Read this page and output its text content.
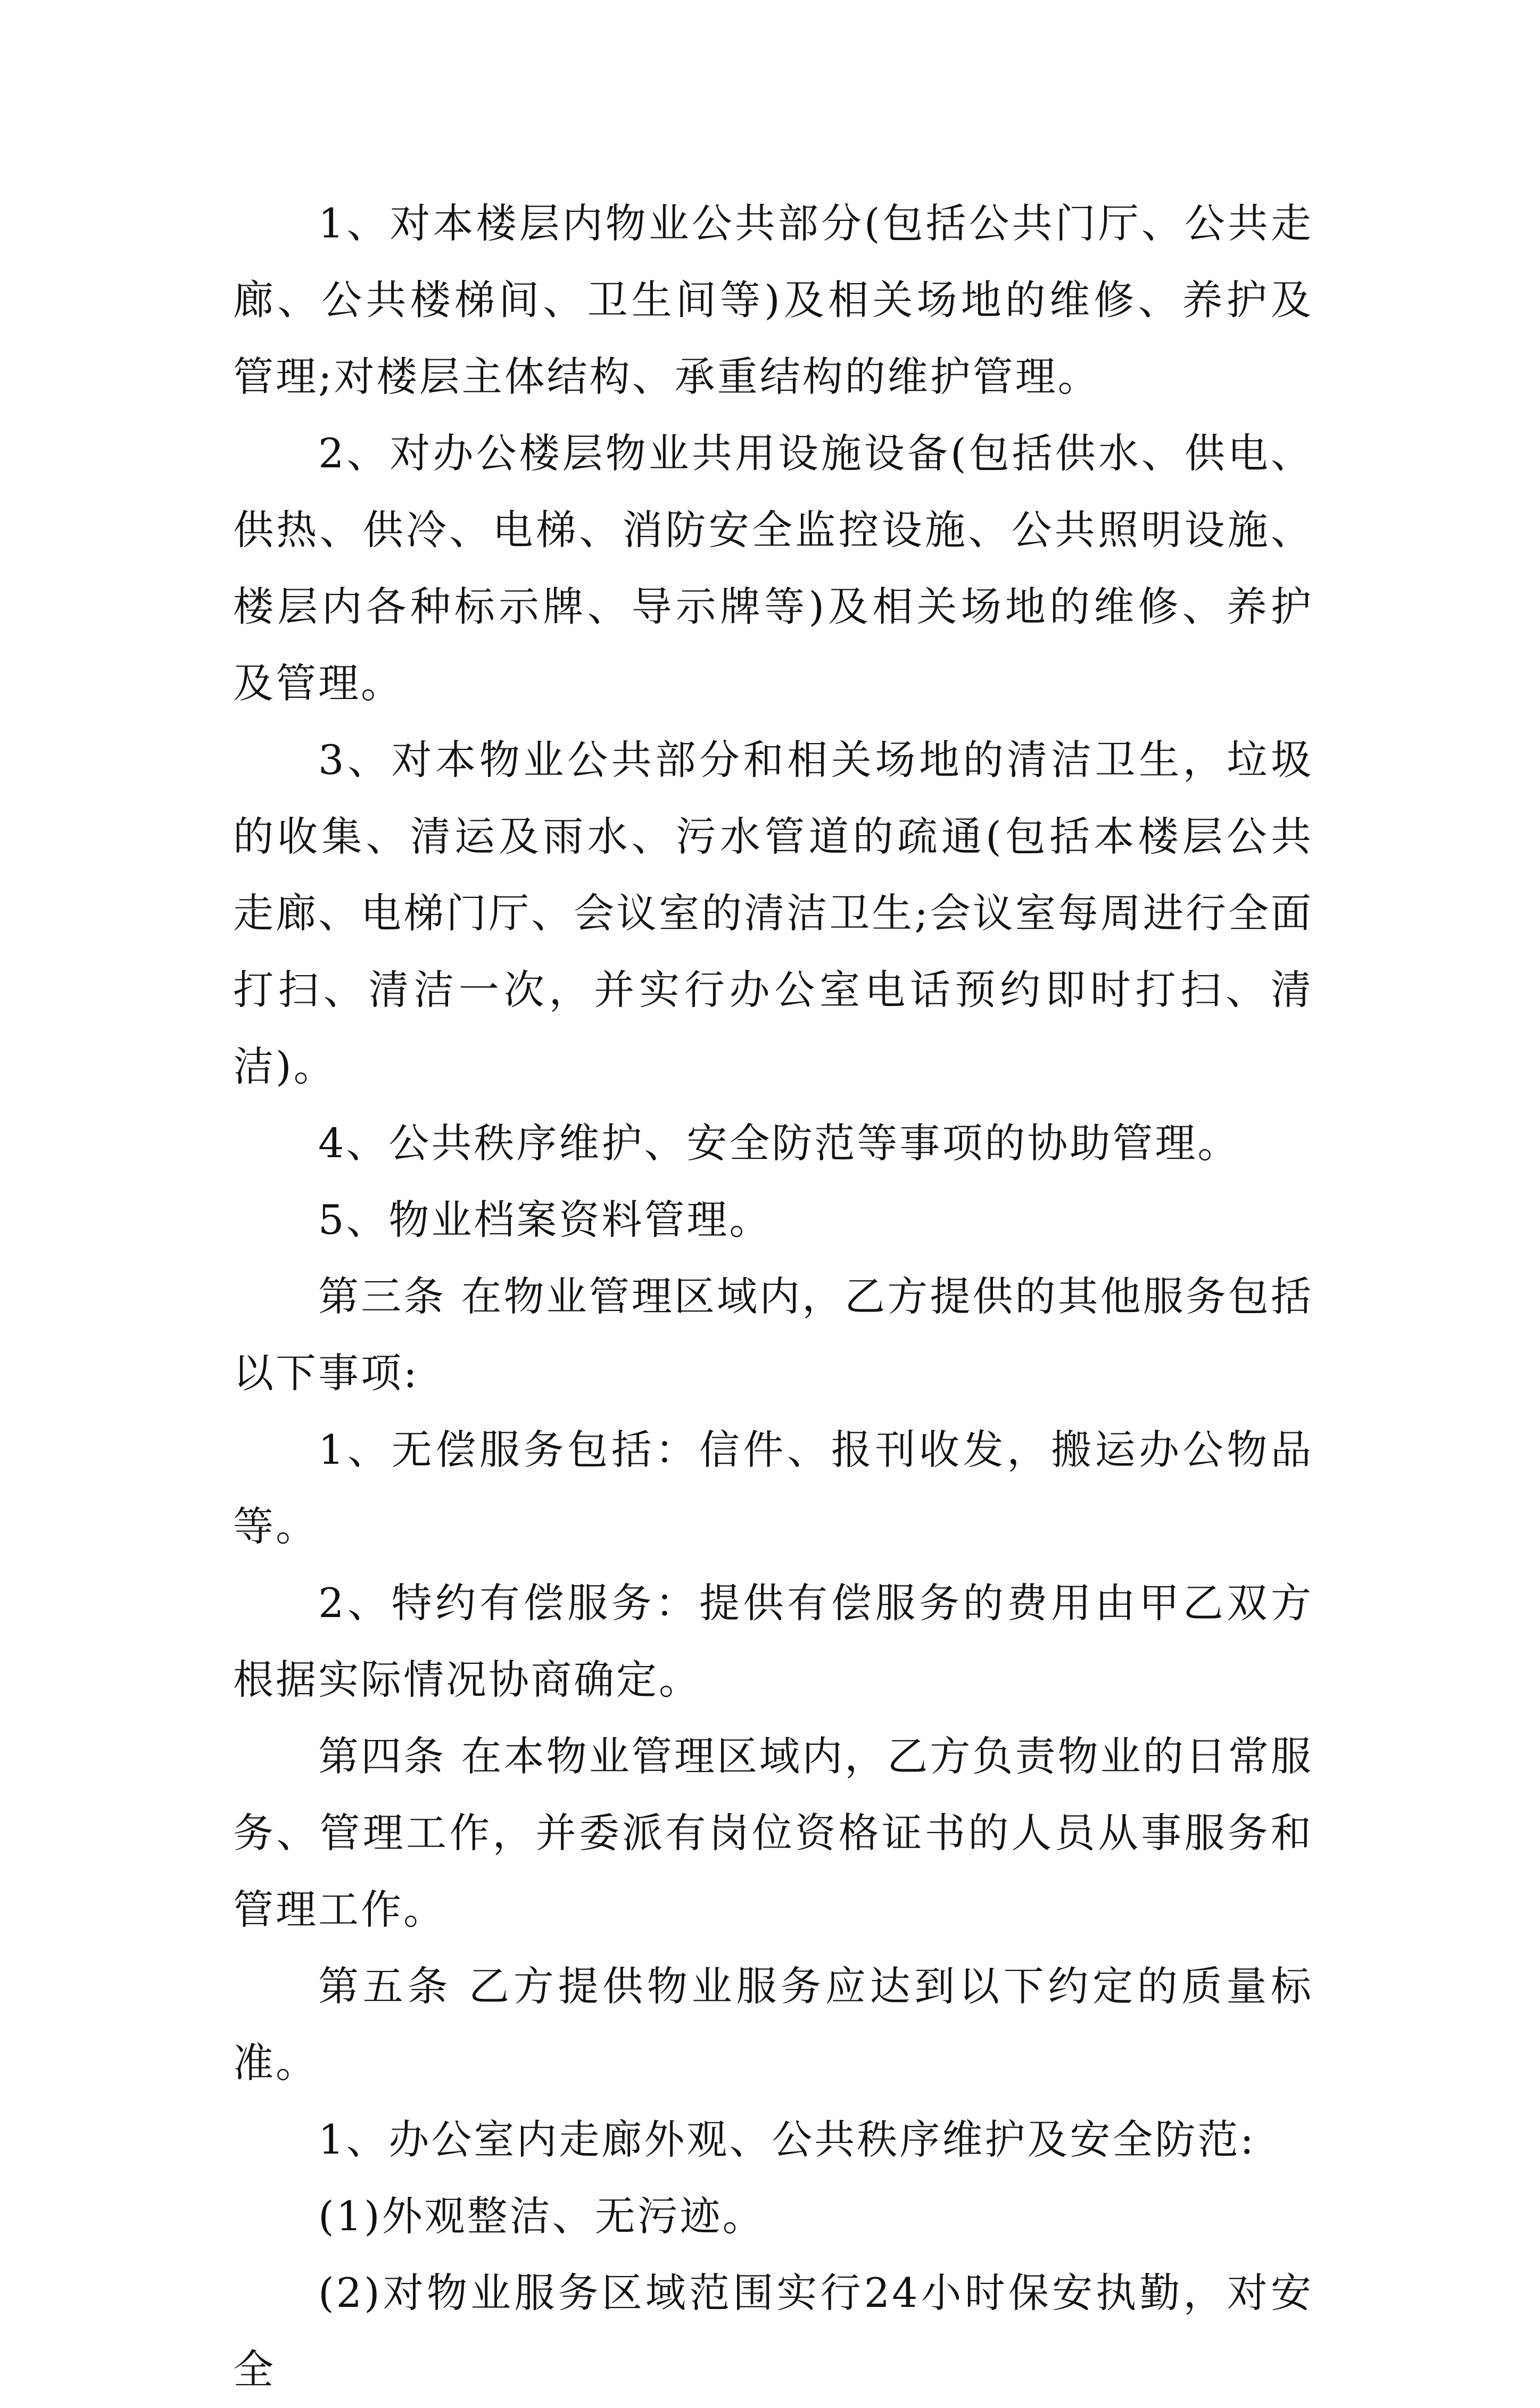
1、对本楼层内物业公共部分(包括公共门厅、公共走廊、公共楼梯间、卫生间等)及相关场地的维修、养护及管理;对楼层主体结构、承重结构的维护管理。

2、对办公楼层物业共用设施设备(包括供水、供电、供热、供冷、电梯、消防安全监控设施、公共照明设施、楼层内各种标示牌、导示牌等)及相关场地的维修、养护及管理。

3、对本物业公共部分和相关场地的清洁卫生，垃圾的收集、清运及雨水、污水管道的疏通(包括本楼层公共走廊、电梯门厅、会议室的清洁卫生;会议室每周进行全面打扫、清洁一次，并实行办公室电话预约即时打扫、清洁)。

4、公共秩序维护、安全防范等事项的协助管理。

5、物业档案资料管理。

第三条 在物业管理区域内，乙方提供的其他服务包括以下事项:

1、无偿服务包括：信件、报刊收发，搬运办公物品等。

2、特约有偿服务：提供有偿服务的费用由甲乙双方根据实际情况协商确定。

第四条 在本物业管理区域内，乙方负责物业的日常服务、管理工作，并委派有岗位资格证书的人员从事服务和管理工作。

第五条 乙方提供物业服务应达到以下约定的质量标准。

1、办公室内走廊外观、公共秩序维护及安全防范:

(1)外观整洁、无污迹。

(2)对物业服务区域范围实行24小时保安执勤，对安全
